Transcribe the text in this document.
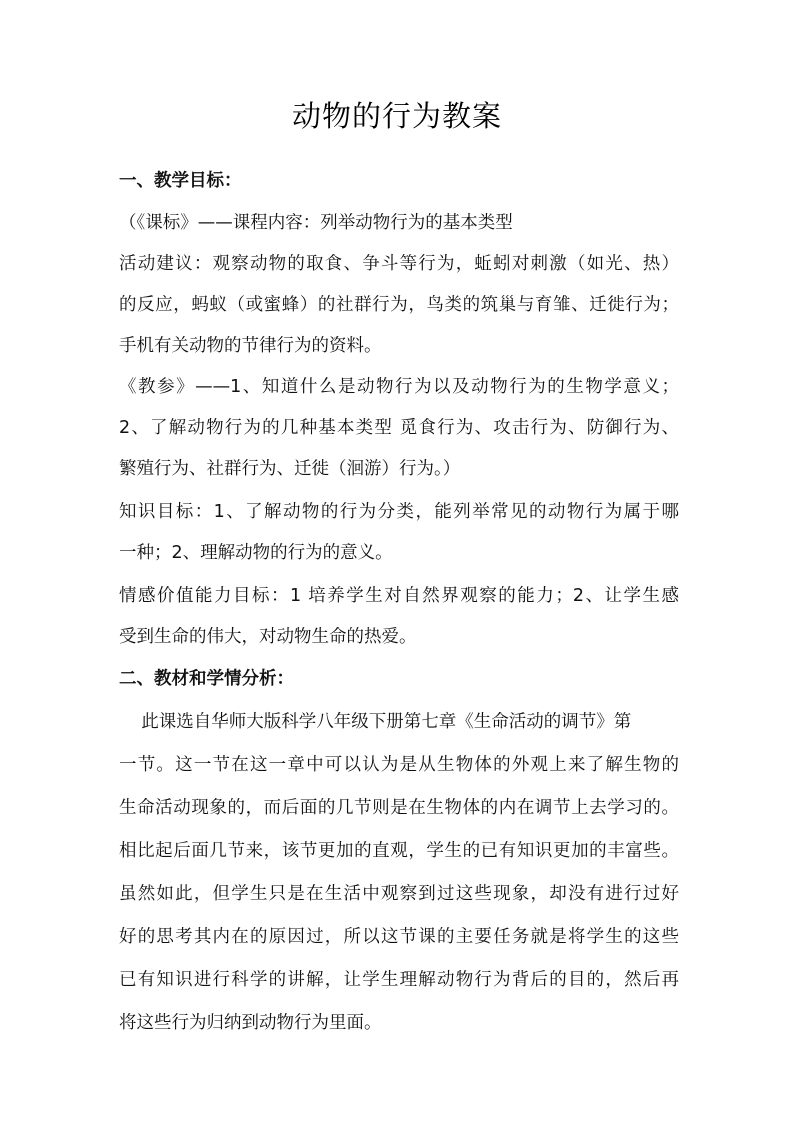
动物的行为教案

一、教学目标：

（《课标》——课程内容：列举动物行为的基本类型

活动建议：观察动物的取食、争斗等行为，蚯蚓对刺激（如光、热）

的反应，蚂蚁（或蜜蜂）的社群行为，鸟类的筑巢与育雏、迁徙行为；

手机有关动物的节律行为的资料。

《教参》——1、知道什么是动物行为以及动物行为的生物学意义；

2、了解动物行为的几种基本类型 觅食行为、攻击行为、防御行为、

繁殖行为、社群行为、迁徙（洄游）行为。）

知识目标：1、了解动物的行为分类，能列举常见的动物行为属于哪

一种；2、理解动物的行为的意义。

情感价值能力目标：1 培养学生对自然界观察的能力；2、让学生感

受到生命的伟大，对动物生命的热爱。

二、教材和学情分析：

此课选自华师大版科学八年级下册第七章《生命活动的调节》第

一节。这一节在这一章中可以认为是从生物体的外观上来了解生物的

生命活动现象的，而后面的几节则是在生物体的内在调节上去学习的。

相比起后面几节来，该节更加的直观，学生的已有知识更加的丰富些。

虽然如此，但学生只是在生活中观察到过这些现象，却没有进行过好

好的思考其内在的原因过，所以这节课的主要任务就是将学生的这些

已有知识进行科学的讲解，让学生理解动物行为背后的目的，然后再

将这些行为归纳到动物行为里面。
